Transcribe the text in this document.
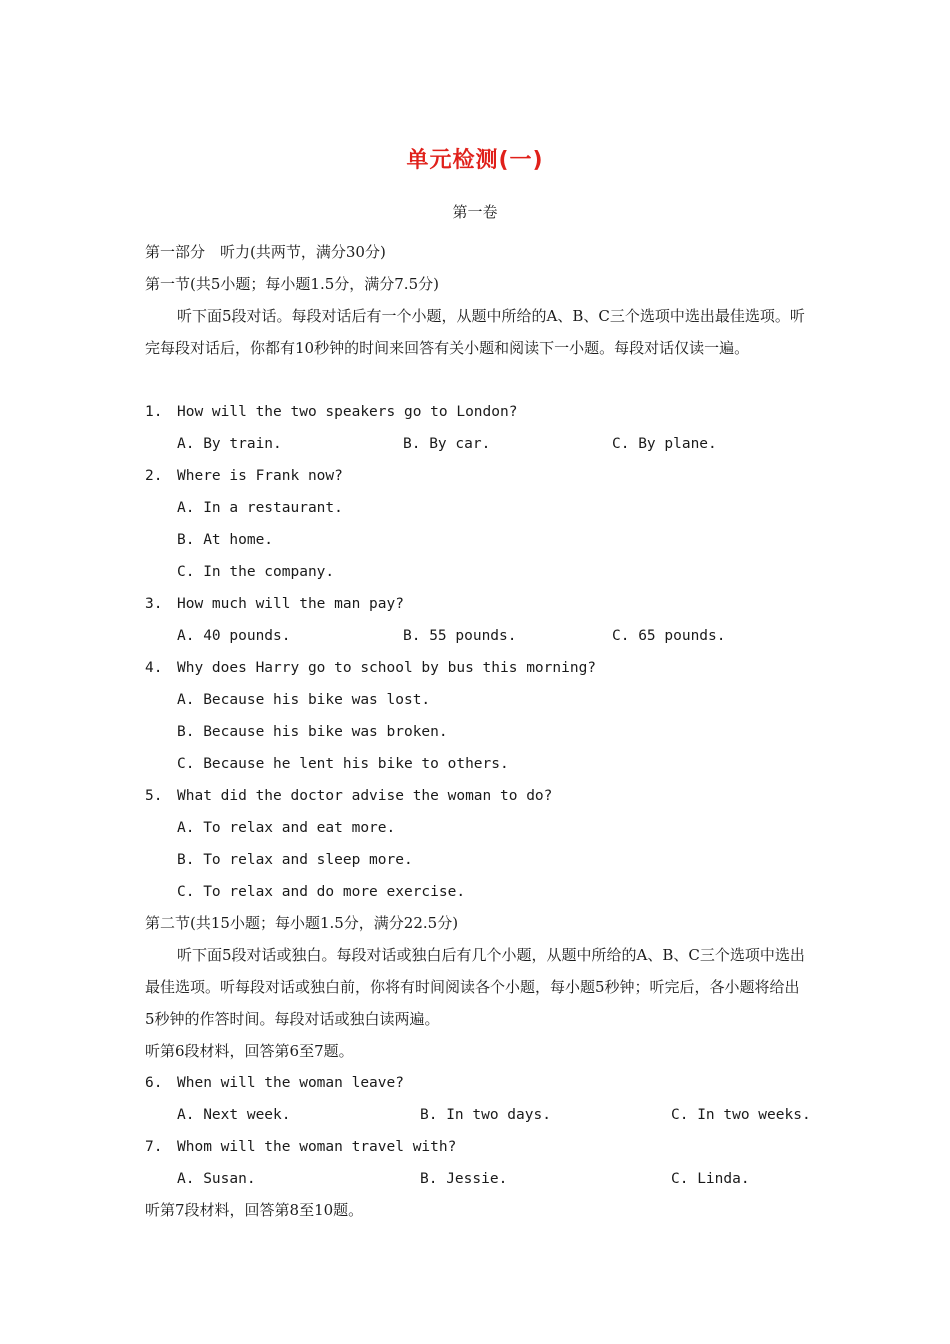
单元检测(一)
第一卷
第一部分　听力(共两节，满分30分)
第一节(共5小题；每小题1.5分，满分7.5分)
听下面5段对话。每段对话后有一个小题，从题中所给的A、B、C三个选项中选出最佳选项。听完每段对话后，你都有10秒钟的时间来回答有关小题和阅读下一小题。每段对话仅读一遍。
1. How will the two speakers go to London?
A. By train.	B. By car.	C. By plane.
2. Where is Frank now?
A. In a restaurant.
B. At home.
C. In the company.
3. How much will the man pay?
A. 40 pounds.	B. 55 pounds.	C. 65 pounds.
4. Why does Harry go to school by bus this morning?
A. Because his bike was lost.
B. Because his bike was broken.
C. Because he lent his bike to others.
5. What did the doctor advise the woman to do?
A. To relax and eat more.
B. To relax and sleep more.
C. To relax and do more exercise.
第二节(共15小题；每小题1.5分，满分22.5分)
听下面5段对话或独白。每段对话或独白后有几个小题，从题中所给的A、B、C三个选项中选出最佳选项。听每段对话或独白前，你将有时间阅读各个小题，每小题5秒钟；听完后，各小题将给出5秒钟的作答时间。每段对话或独白读两遍。
听第6段材料，回答第6至7题。
6. When will the woman leave?
A. Next week.	B. In two days.	C. In two weeks.
7. Whom will the woman travel with?
A. Susan.	B. Jessie.	C. Linda.
听第7段材料，回答第8至10题。
